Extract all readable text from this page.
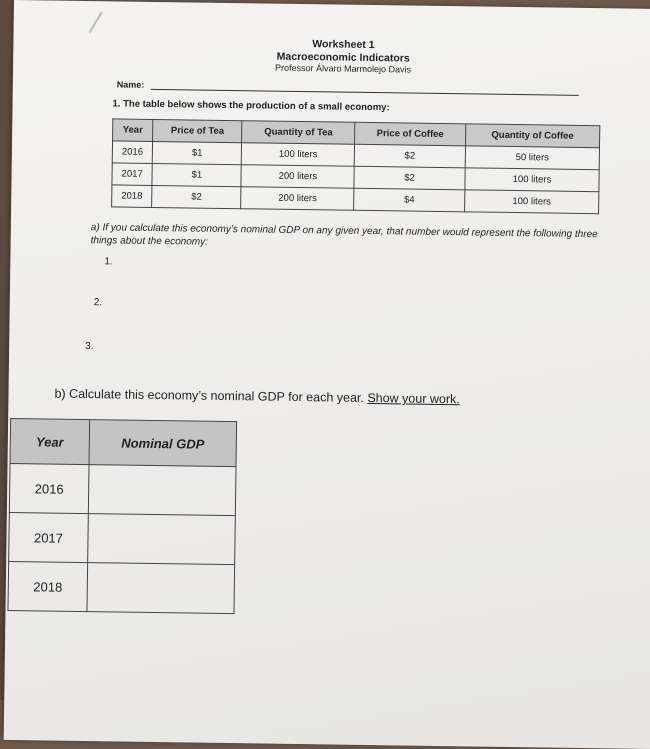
Worksheet 1
Macroeconomic Indicators
Professor Álvaro Marmolejo Davis
Name:
1. The table below shows the production of a small economy:
Year	Price of Tea	Quantity of Tea	Price of Coffee	Quantity of Coffee
2016	$1	100 liters	$2	50 liters
2017	$1	200 liters	$2	100 liters
2018	$2	200 liters	$4	100 liters
a) If you calculate this economy’s nominal GDP on any given year, that number would represent the following three things about the economy:
1.
2.
3.
b) Calculate this economy’s nominal GDP for each year. Show your work.
Year	Nominal GDP
2016	
2017	
2018	
